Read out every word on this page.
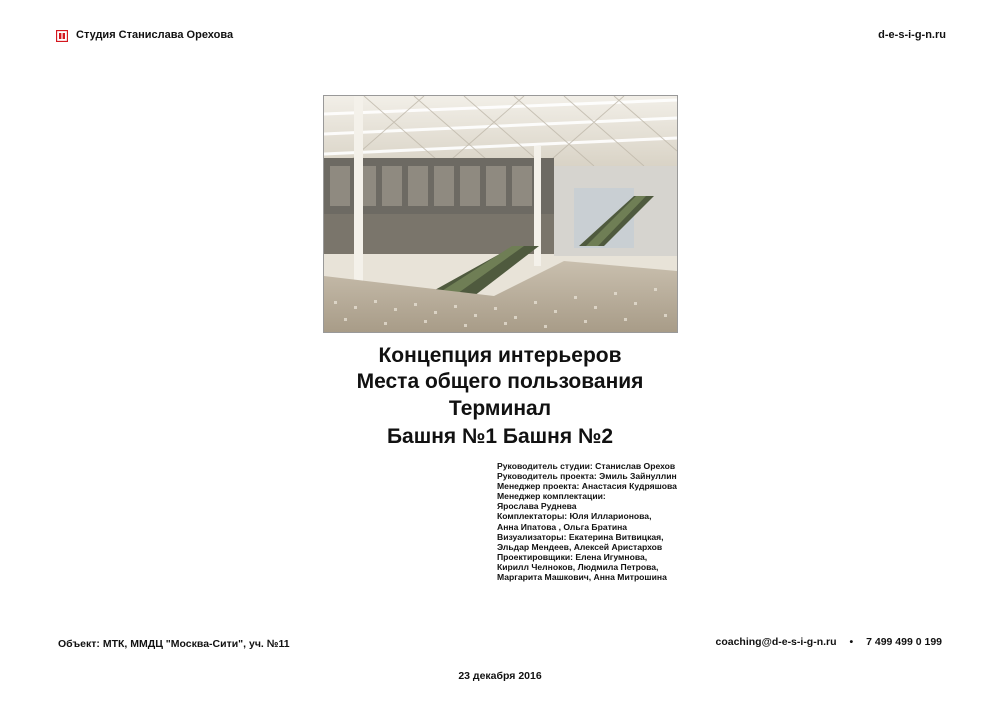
Студия Станислава Орехова	d-e-s-i-g-n.ru
Концепция интерьеров
Места общего пользования
Терминал
Башня №1 Башня №2
Руководитель студии: Станислав Орехов
Руководитель проекта: Эмиль Зайнуллин
Менеджер проекта: Анастасия Кудряшова
Менеджер комплектации:
Ярослава Руднева
Комплектаторы: Юля Илларионова,
Анна Ипатова , Ольга Братина
Визуализаторы: Екатерина Витвицкая,
Эльдар Мендеев, Алексей Аристархов
Проектировщики: Елена Игумнова,
Кирилл Челноков, Людмила Петрова,
Маргарита Машкович, Анна Митрошина
Объект: МТК, ММДЦ "Москва-Сити", уч. №11	coaching@d-e-s-i-g-n.ru • 7 499 499 0 199
23 декабря 2016
